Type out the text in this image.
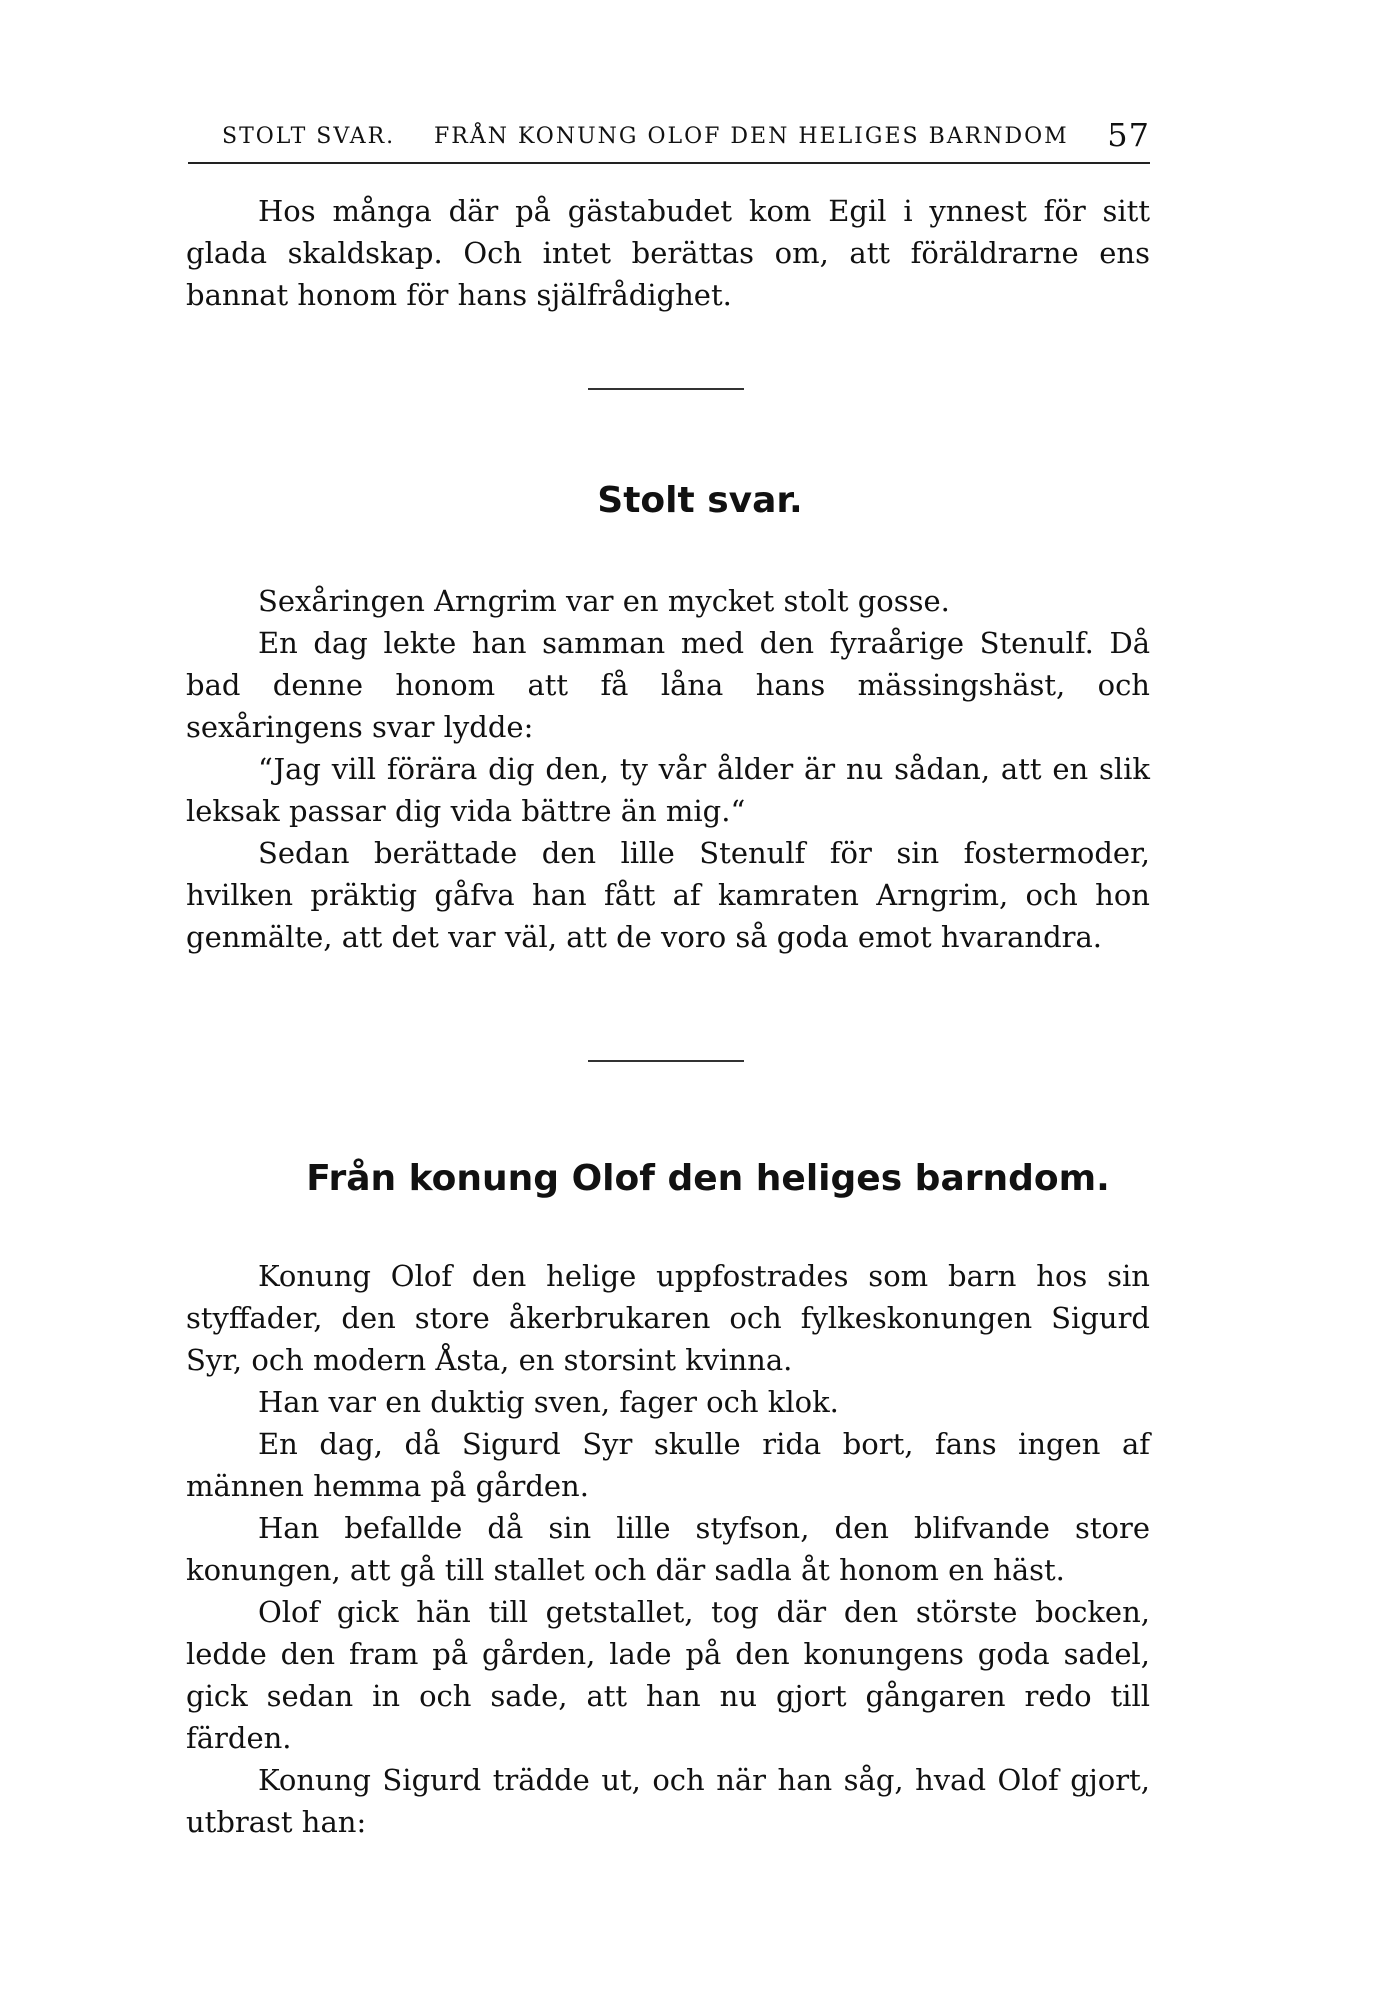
STOLT SVAR. FRÅN KONUNG OLOF DEN HELIGES BARNDOM 57

Hos många där på gästabudet kom Egil i ynnest för sitt glada skaldskap. Och intet berättas om, att föräldrarne ens bannat honom för hans själfrådighet.

Stolt svar.

Sexåringen Arngrim var en mycket stolt gosse.

En dag lekte han samman med den fyraårige Stenulf. Då bad denne honom att få låna hans mässingshäst, och sexåringens svar lydde:

“Jag vill förära dig den, ty vår ålder är nu sådan, att en slik leksak passar dig vida bättre än mig.“

Sedan berättade den lille Stenulf för sin fostermoder, hvilken präktig gåfva han fått af kamraten Arngrim, och hon genmälte, att det var väl, att de voro så goda emot hvarandra.

Från konung Olof den heliges barndom.

Konung Olof den helige uppfostrades som barn hos sin styffader, den store åkerbrukaren och fylkeskonungen Sigurd Syr, och modern Åsta, en storsint kvinna.

Han var en duktig sven, fager och klok.

En dag, då Sigurd Syr skulle rida bort, fans ingen af männen hemma på gården.

Han befallde då sin lille styfson, den blifvande store konungen, att gå till stallet och där sadla åt honom en häst.

Olof gick hän till getstallet, tog där den störste bocken, ledde den fram på gården, lade på den konungens goda sadel, gick sedan in och sade, att han nu gjort gångaren redo till färden.

Konung Sigurd trädde ut, och när han såg, hvad Olof gjort, utbrast han:
